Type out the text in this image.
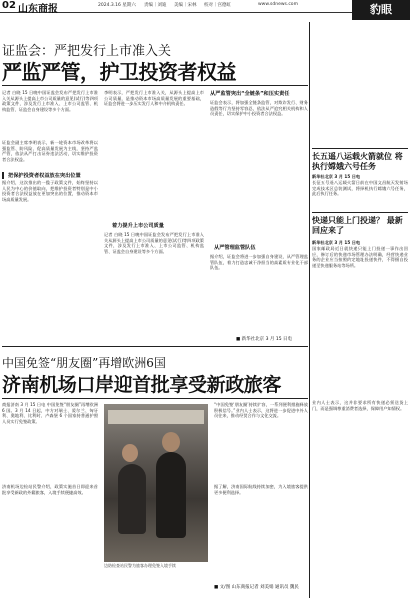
02 山东商报	2024.3.16 星期六 责编｜刘迪 美编｜宋林 校对｜宫德虹	www.sdnews.com	豹眼
证监会：严把发行上市准入关
严监严管，护卫投资者权益
记者 白晓 15 日晚中国证监会发布严把发行上市准入关从源头上提高上市公司质量的意见(试行)等四项政策文件，涉及发行上市准入、上市公司监管、机构监管、证监会自身建设等多个方面。
证监会副主席李明表示，新一轮资本市场改革将以强监管、防风险、促高质量发展为主线，坚持严监严管，依法从严打击证券违法活动，切实维护投资者合法权益。
把保护投资者权益放在突出位置
据介绍，这次推出的一揽子政策文件，始终坚持以人民为中心的价值取向，把维护投资者特别是中小投资者合法权益放在更加突出的位置，推动资本市场高质量发展。
李明表示，严把发行上市准入关，从源头上提高上市公司质量，是推动资本市场高质量发展的重要基础，证监会将进一步压实发行人和中介机构责任。
着力提升上市公司质量
记者 白晓 15 日晚中国证监会发布严把发行上市准入关从源头上提高上市公司质量的意见(试行)等四项政策文件，涉及发行上市准入、上市公司监管、机构监管、证监会自身建设等多个方面。
从严监管突出“全链条”和压实责任
证监会表示，将加强全链条监管，对欺诈发行、财务造假等行为坚持零容忍，依法从严追究相关机构和人员责任，切实保护中小投资者合法权益。
从严管理监管队伍
据介绍，证监会将进一步加强自身建设，从严管理监管队伍，着力打造忠诚干净担当的高素质专业化干部队伍。
■ 新华社北京 3 月 15 日电
长五遥八运载火箭就位 将执行嫦娥六号任务
新华社北京 3 月 15 日电
长征五号遥八运载火箭日前在中国文昌航天发射场完成技术区总装测试，将择机执行嫦娥六号任务，此后执行任务。
快递只能上门投递？ 最新回应来了
新华社北京 3 月 15 日电
国家邮政局近日就快递只能上门投递一事作出回应，修订后的快递市场管理办法明确，经营快递业务的企业应当按照约定地址投递快件，不得擅自投递至快递服务站等场所。
业内人士表示，这并非要求所有快递必须送货上门，而是强调尊重消费者选择，保障用户知情权。
中国免签“朋友圈”再增欧洲6国
济南机场口岸迎首批享受新政旅客
商报济南 3 月 15 日电 中国免签“朋友圈”再增欧洲 6 国。3 月 14 日起，中方对瑞士、爱尔兰、匈牙利、奥地利、比利时、卢森堡 6 个国家持普通护照人员实行免签政策。
济南机场边检站民警介绍，政策实施首日即迎来首批享受新政的外籍旅客，入境手续便捷高效。
边防检查站民警为旅客办理免签入境手续
“中国免签‘朋友圈’持续扩容，一系列便利措施释放积极信号。”业内人士表示，这将进一步促进中外人员往来，推动经贸合作与文化交流。
据了解，济南国际航线持续加密，为入境旅客提供更多便利选择。
■ 文/图 山东商报记者 刘美娟 通讯员 魏民
